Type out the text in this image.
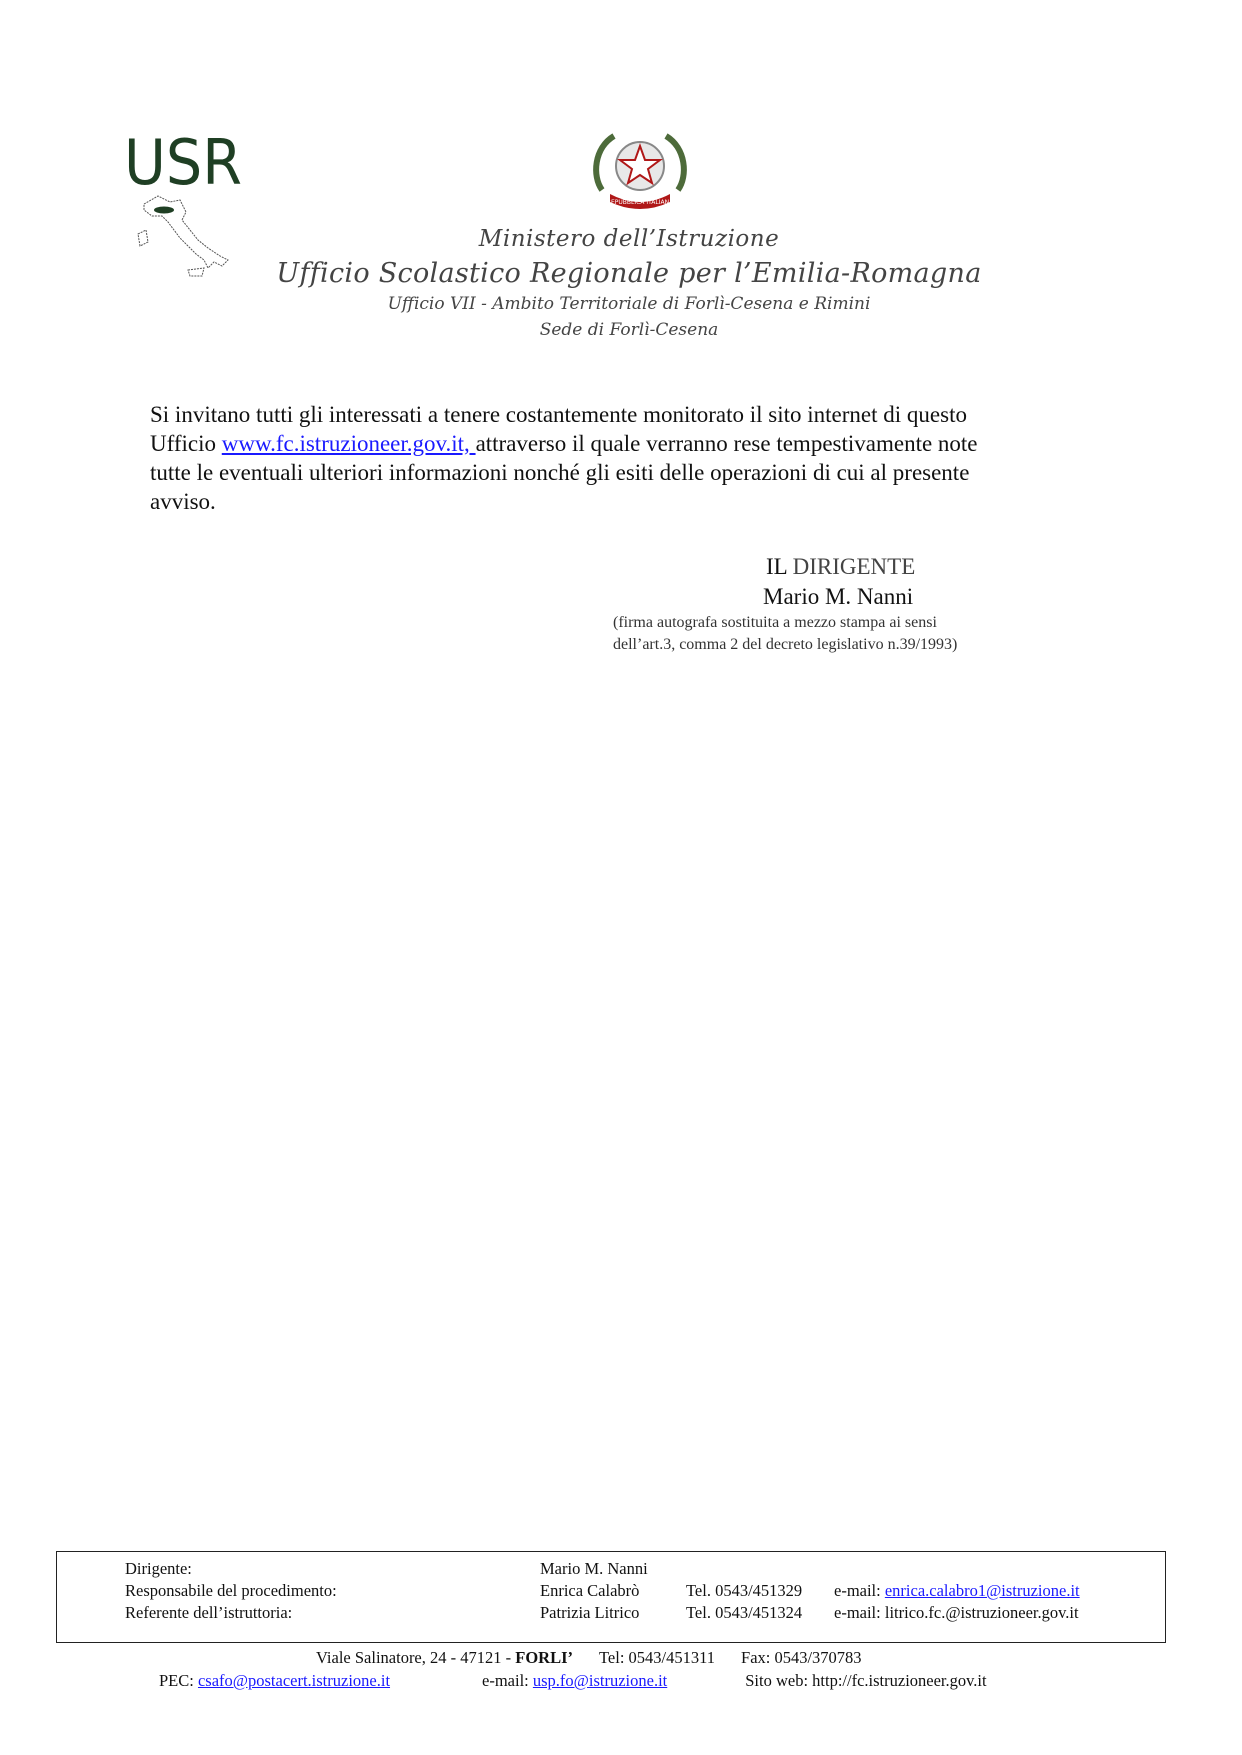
USR
REPUBBLICA ITALIANA
Ministero dell’Istruzione
Ufficio Scolastico Regionale per l’Emilia-Romagna
Ufficio VII - Ambito Territoriale di Forlì-Cesena e Rimini
Sede di Forlì-Cesena

Si invitano tutti gli interessati a tenere costantemente monitorato il sito internet di questo

Ufficio www.fc.istruzioneer.gov.it, attraverso il quale verranno rese tempestivamente note

tutte le eventuali ulteriori informazioni nonché gli esiti delle operazioni di cui al presente

avviso.

IL DIRIGENTE
Mario M. Nanni
(firma autografa sostituita a mezzo stampa ai sensi
dell’art.3, comma 2 del decreto legislativo n.39/1993)
Dirigente:	Mario M. Nanni
Responsabile del procedimento:	Enrica Calabrò	Tel. 0543/451329 e-mail: enrica.calabro1@istruzione.it
Referente dell’istruttoria:	Patrizia Litrico	Tel. 0543/451324 e-mail: litrico.fc.@istruzioneer.gov.it
Viale Salinatore, 24 - 47121 - FORLI’ Tel: 0543/451311 Fax: 0543/370783
PEC: csafo@postacert.istruzione.it	e-mail: usp.fo@istruzione.it	Sito web: http://fc.istruzioneer.gov.it
